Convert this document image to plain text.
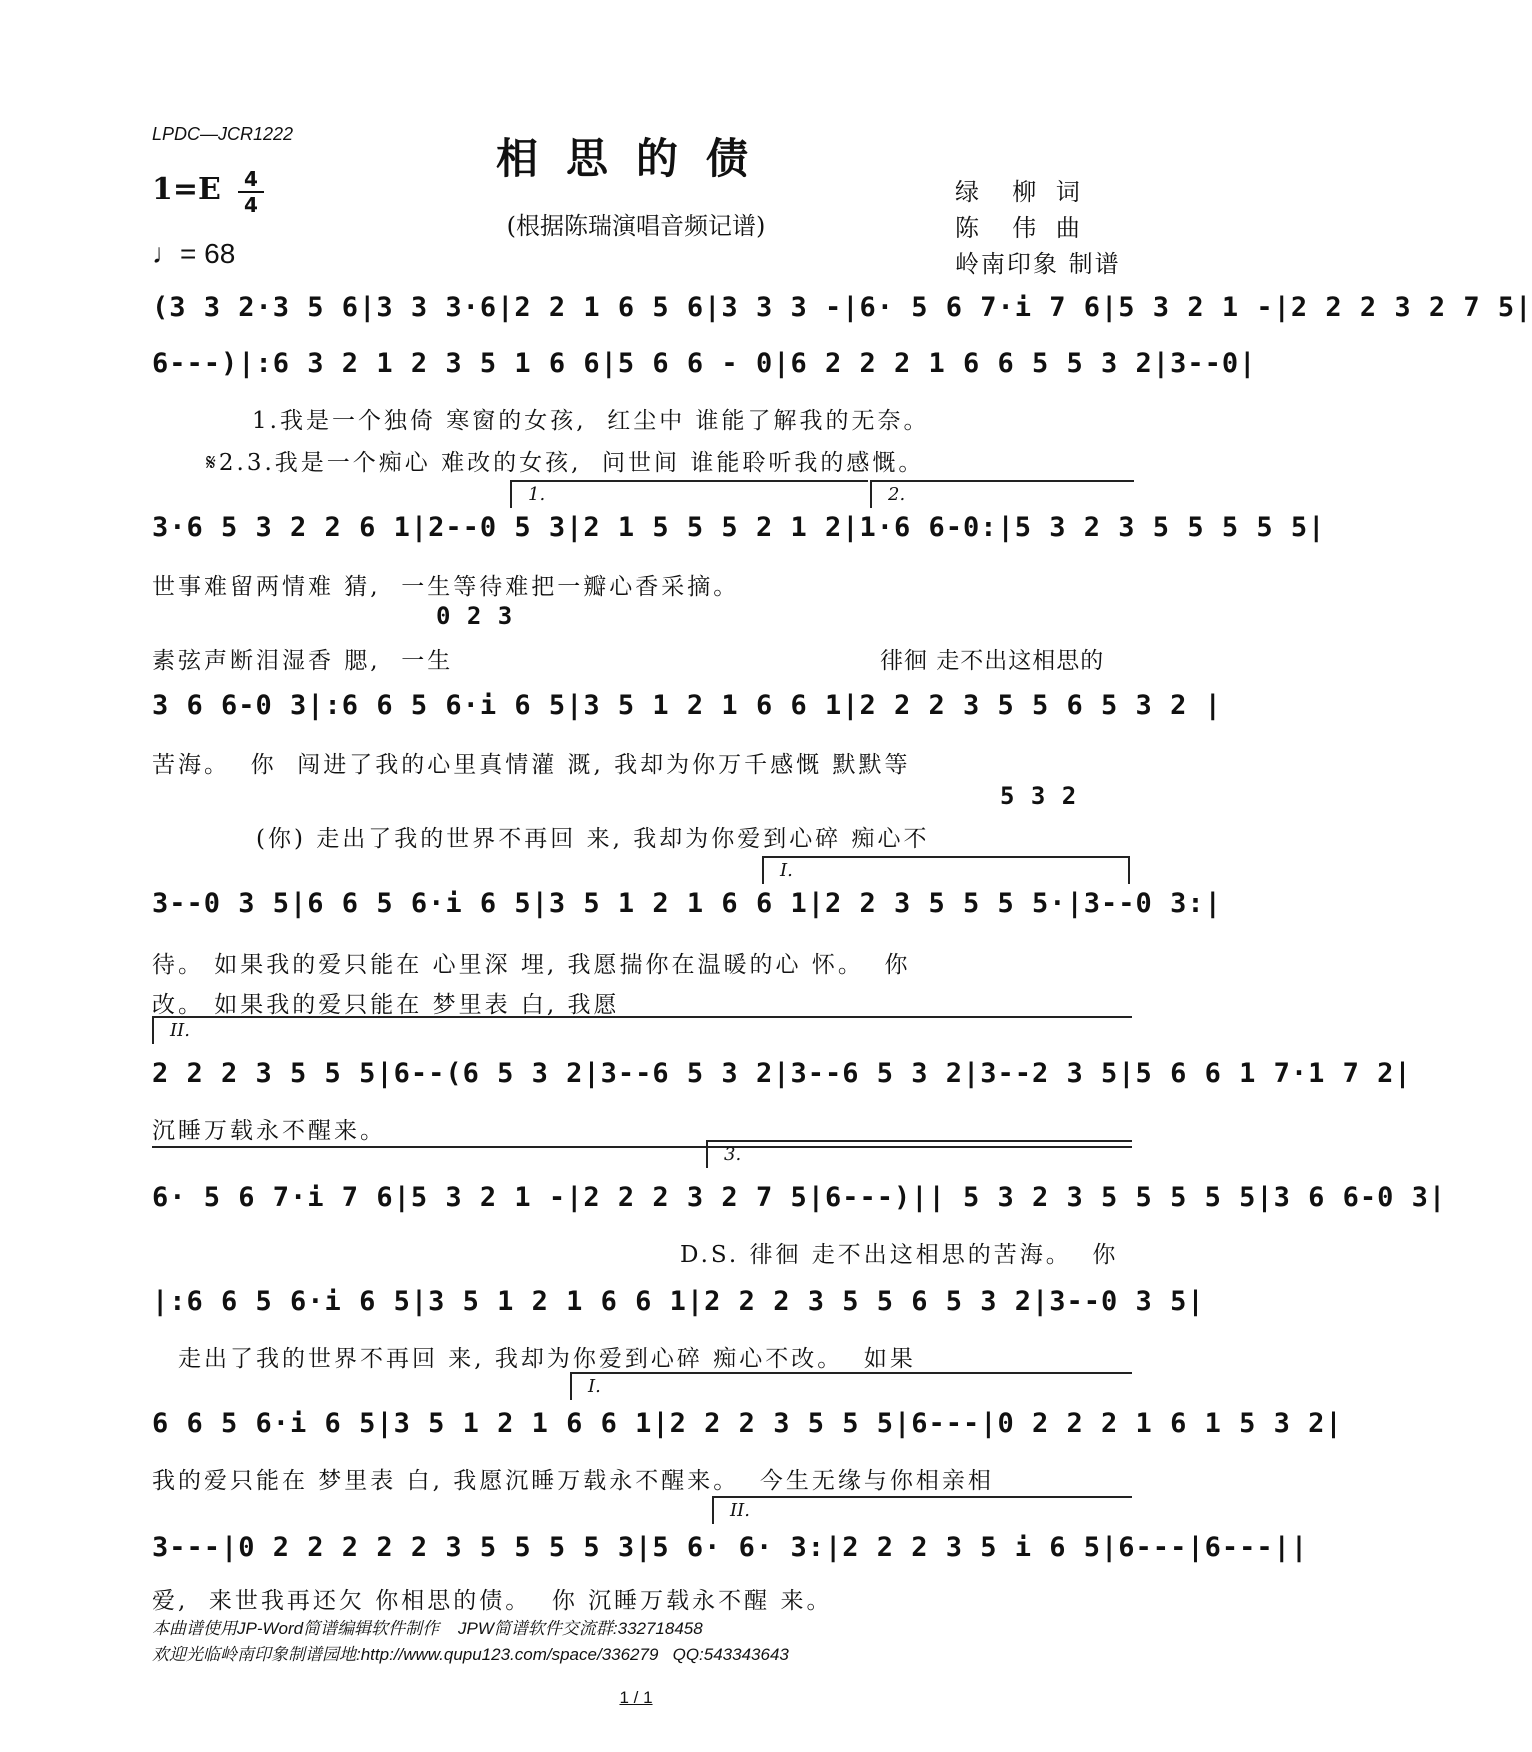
LPDC—JCR1222	相思的债
1=E	4
4
♩= 68
(根据陈瑞演唱音频记谱)
绿  柳 词
陈  伟 曲
岭南印象 制谱
(3 3 2·3 5 6|3 3 3·6|2 2 1 6 5 6|3 3 3 -|6· 5 6 7·i 7 6|5 3 2 1 -|2 2 2 3 2 7 5|
6---)|:6 3 2 1 2 3 5 1 6 6|5 6 6 - 0|6 2 2 2 1 6 6 5 5 3 2|3--0|
1.我是一个独倚 寒窗的女孩,  红尘中 谁能了解我的无奈。
𝄋2.3.我是一个痴心 难改的女孩,  问世间 谁能聆听我的感慨。
1.	2.
3·6 5 3 2 2 6 1|2--0 5 3|2 1 5 5 5 2 1 2|1·6 6-0:|5 3 2 3 5 5 5 5 5|
世事难留两情难 猜,  一生等待难把一瓣心香采摘。
0 2 3
素弦声断泪湿香 腮,  一生	徘徊 走不出这相思的
3 6 6-0 3|:6 6 5 6·i 6 5|3 5 1 2 1 6 6 1|2 2 2 3 5 5 6 5 3 2 |
苦海。  你  闯进了我的心里真情灌 溉, 我却为你万千感慨 默默等
5 3 2
(你) 走出了我的世界不再回 来, 我却为你爱到心碎 痴心不
I.
3--0 3 5|6 6 5 6·i 6 5|3 5 1 2 1 6 6 1|2 2 3 5 5 5 5·|3--0 3:|
待。 如果我的爱只能在 心里深 埋, 我愿揣你在温暖的心 怀。  你
改。 如果我的爱只能在 梦里表 白, 我愿
II.
2 2 2 3 5 5 5|6--(6 5 3 2|3--6 5 3 2|3--6 5 3 2|3--2 3 5|5 6 6 1 7·1 7 2|
沉睡万载永不醒来。
3.
6· 5 6 7·i 7 6|5 3 2 1 -|2 2 2 3 2 7 5|6---)|| 5 3 2 3 5 5 5 5 5|3 6 6-0 3|
D.S. 徘徊 走不出这相思的苦海。  你
|:6 6 5 6·i 6 5|3 5 1 2 1 6 6 1|2 2 2 3 5 5 6 5 3 2|3--0 3 5|
走出了我的世界不再回 来, 我却为你爱到心碎 痴心不改。  如果
I.
6 6 5 6·i 6 5|3 5 1 2 1 6 6 1|2 2 2 3 5 5 5|6---|0 2 2 2 1 6 1 5 3 2|
我的爱只能在 梦里表 白, 我愿沉睡万载永不醒来。  今生无缘与你相亲相
II.
3---|0 2 2 2 2 2 3 5 5 5 5 3|5 6· 6· 3:|2 2 2 3 5 i 6 5|6---|6---||
爱,  来世我再还欠 你相思的债。  你 沉睡万载永不醒 来。
本曲谱使用JP-Word简谱编辑软件制作    JPW简谱软件交流群:332718458
欢迎光临岭南印象制谱园地:http://www.qupu123.com/space/336279   QQ:543343643
1 / 1
